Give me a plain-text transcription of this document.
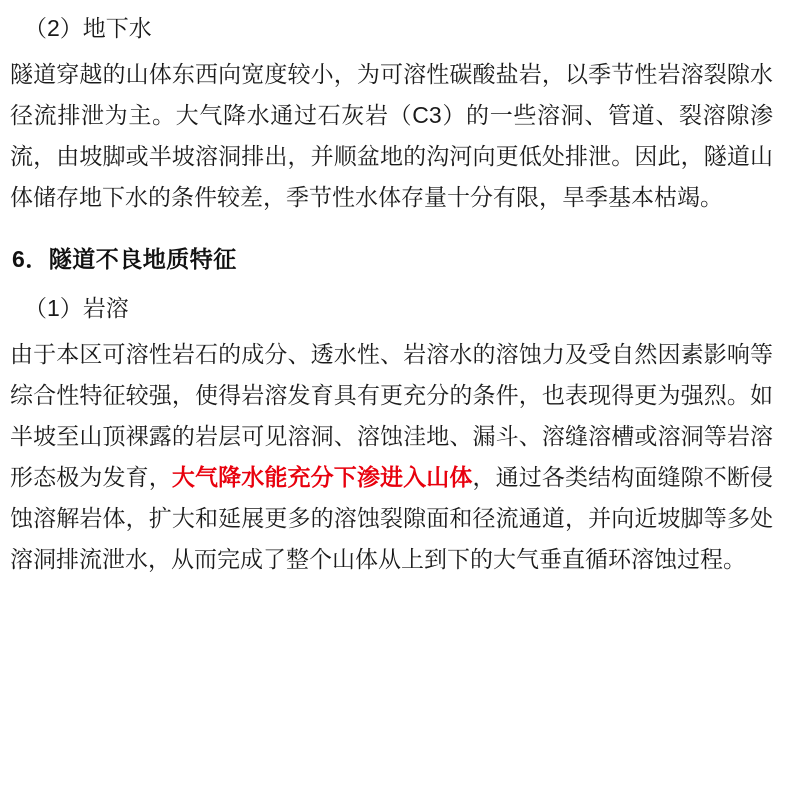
（2）地下水

隧道穿越的山体东西向宽度较小，为可溶性碳酸盐岩，以季节性岩溶裂隙水径流排泄为主。大气降水通过石灰岩（C3）的一些溶洞、管道、裂溶隙渗流，由坡脚或半坡溶洞排出，并顺盆地的沟河向更低处排泄。因此，隧道山体储存地下水的条件较差，季节性水体存量十分有限，旱季基本枯竭。

6．隧道不良地质特征
（1）岩溶

由于本区可溶性岩石的成分、透水性、岩溶水的溶蚀力及受自然因素影响等综合性特征较强，使得岩溶发育具有更充分的条件，也表现得更为强烈。如半坡至山顶裸露的岩层可见溶洞、溶蚀洼地、漏斗、溶缝溶槽或溶洞等岩溶形态极为发育，大气降水能充分下渗进入山体，通过各类结构面缝隙不断侵蚀溶解岩体，扩大和延展更多的溶蚀裂隙面和径流通道，并向近坡脚等多处溶洞排流泄水，从而完成了整个山体从上到下的大气垂直循环溶蚀过程。
